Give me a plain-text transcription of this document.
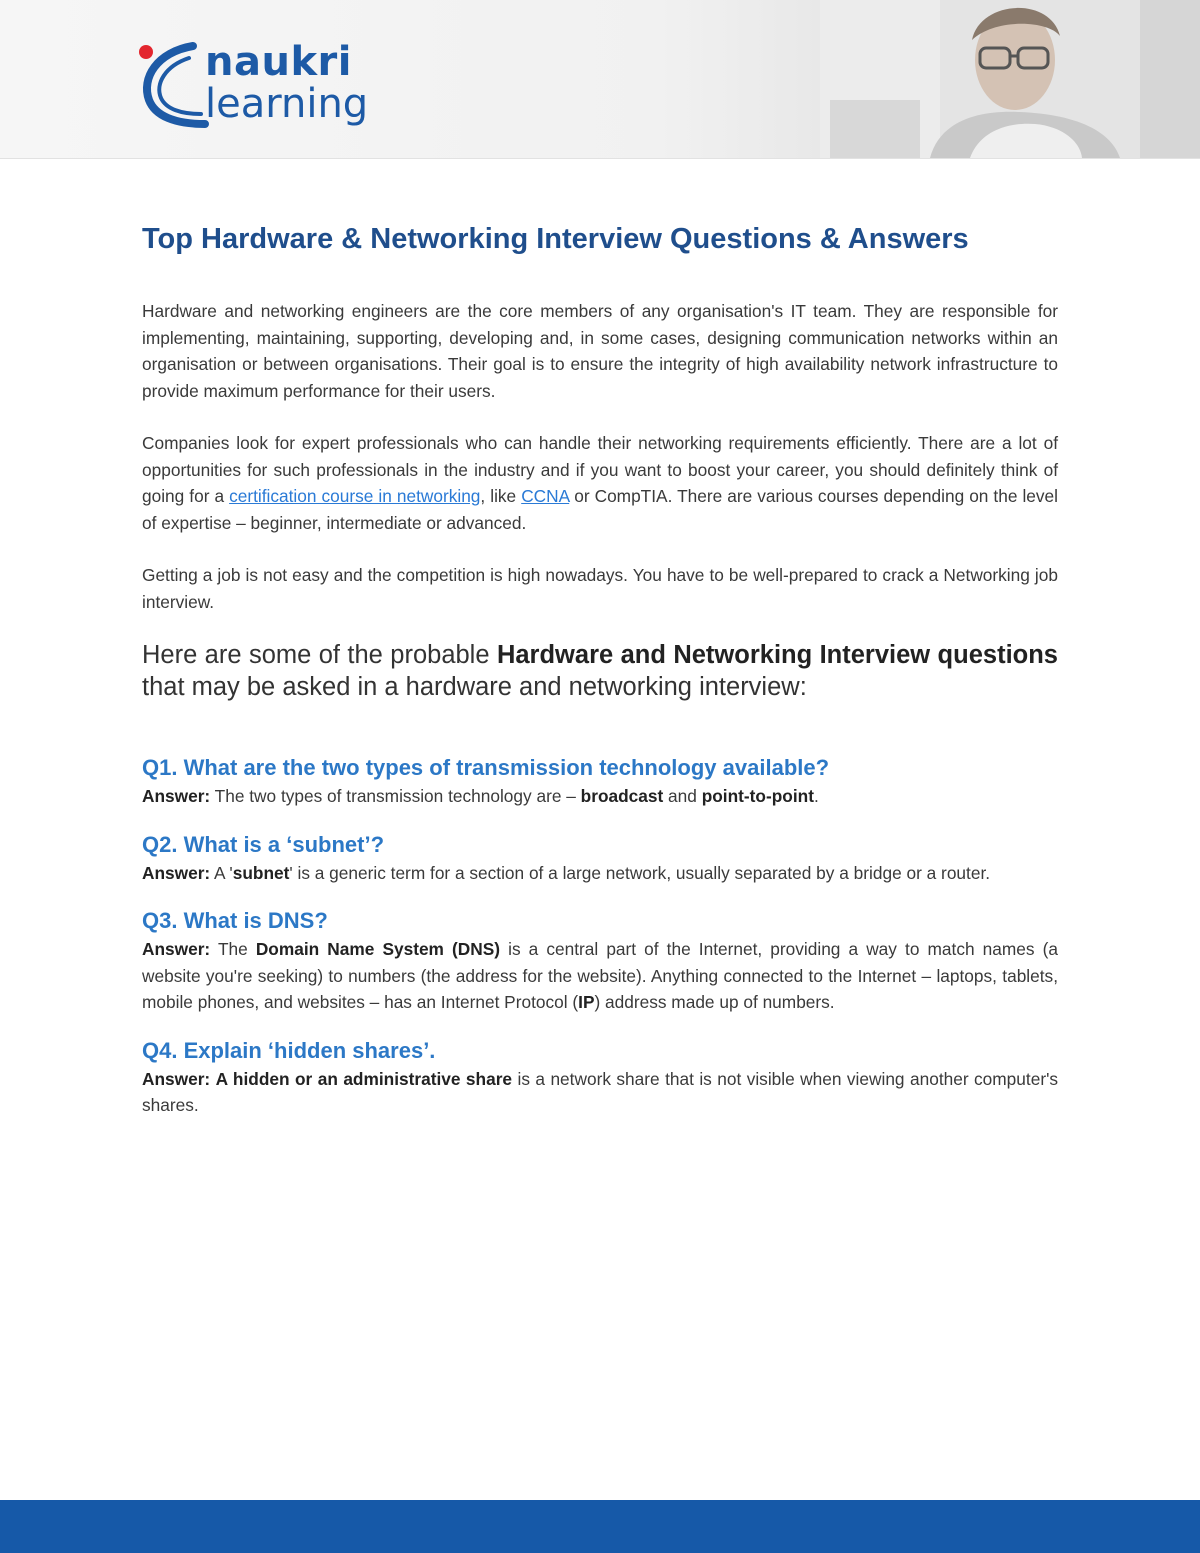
naukri
learning
Top Hardware & Networking Interview Questions & Answers

Hardware and networking engineers are the core members of any organisation's IT team. They are responsible for implementing, maintaining, supporting, developing and, in some cases, designing communication networks within an organisation or between organisations. Their goal is to ensure the integrity of high availability network infrastructure to provide maximum performance for their users.

Companies look for expert professionals who can handle their networking requirements efficiently. There are a lot of opportunities for such professionals in the industry and if you want to boost your career, you should definitely think of going for a certification course in networking, like CCNA or CompTIA. There are various courses depending on the level of expertise – beginner, intermediate or advanced.

Getting a job is not easy and the competition is high nowadays. You have to be well-prepared to crack a Networking job interview.

Here are some of the probable Hardware and Networking Interview questions that may be asked in a hardware and networking interview:

Q1. What are the two types of transmission technology available?

Answer: The two types of transmission technology are – broadcast and point-to-point.

Q2. What is a ‘subnet’?

Answer: A 'subnet' is a generic term for a section of a large network, usually separated by a bridge or a router.

Q3. What is DNS?

Answer: The Domain Name System (DNS) is a central part of the Internet, providing a way to match names (a website you're seeking) to numbers (the address for the website). Anything connected to the Internet – laptops, tablets, mobile phones, and websites – has an Internet Protocol (IP) address made up of numbers.

Q4. Explain ‘hidden shares’.

Answer: A hidden or an administrative share is a network share that is not visible when viewing another computer's shares.
